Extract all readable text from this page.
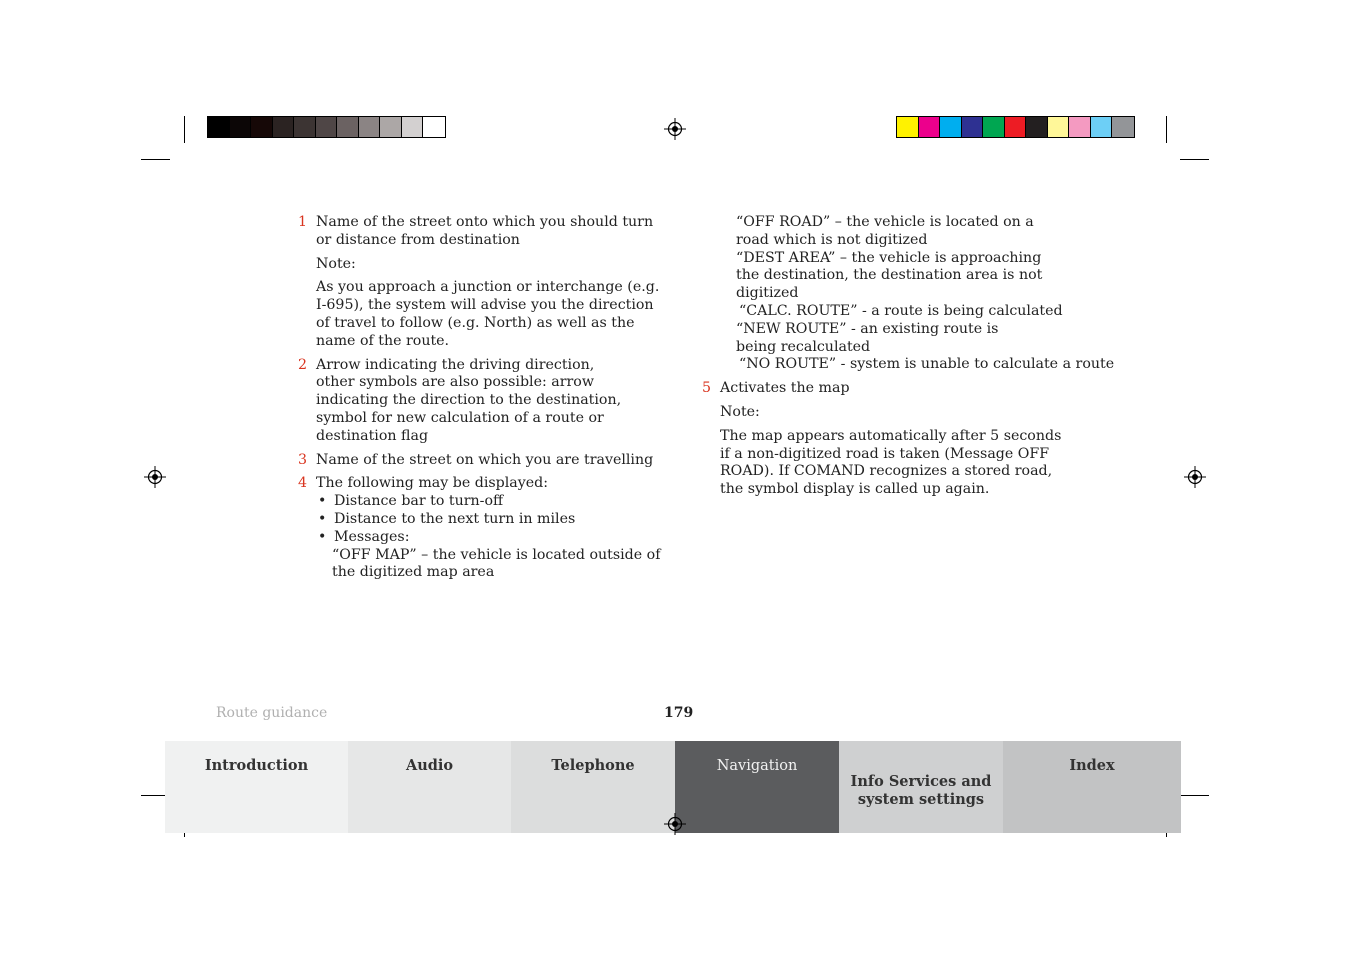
1 Name of the street onto which you should turn or distance from destination
Note:
As you approach a junction or interchange (e.g. I-695), the system will advise you the direction of travel to follow (e.g. North) as well as the name of the route.
2 Arrow indicating the driving direction,
other symbols are also possible: arrow indicating the direction to the destination, symbol for new calculation of a route or destination flag
3 Name of the street on which you are travelling
4 The following may be displayed:
• Distance bar to turn-off
• Distance to the next turn in miles
• Messages:
“OFF MAP” – the vehicle is located outside of the digitized map area
“OFF ROAD” – the vehicle is located on a road which is not digitized
“DEST AREA” – the vehicle is approaching the destination, the destination area is not digitized
“CALC. ROUTE” - a route is being calculated
“NEW ROUTE” - an existing route is being recalculated
“NO ROUTE” - system is unable to calculate a route
5 Activates the map
Note:
The map appears automatically after 5 seconds if a non-digitized road is taken (Message OFF ROAD). If COMAND recognizes a stored road, the symbol display is called up again.
Route guidance	179
Introduction	Audio	Telephone	Navigation
Info Services and
system settings
Index
